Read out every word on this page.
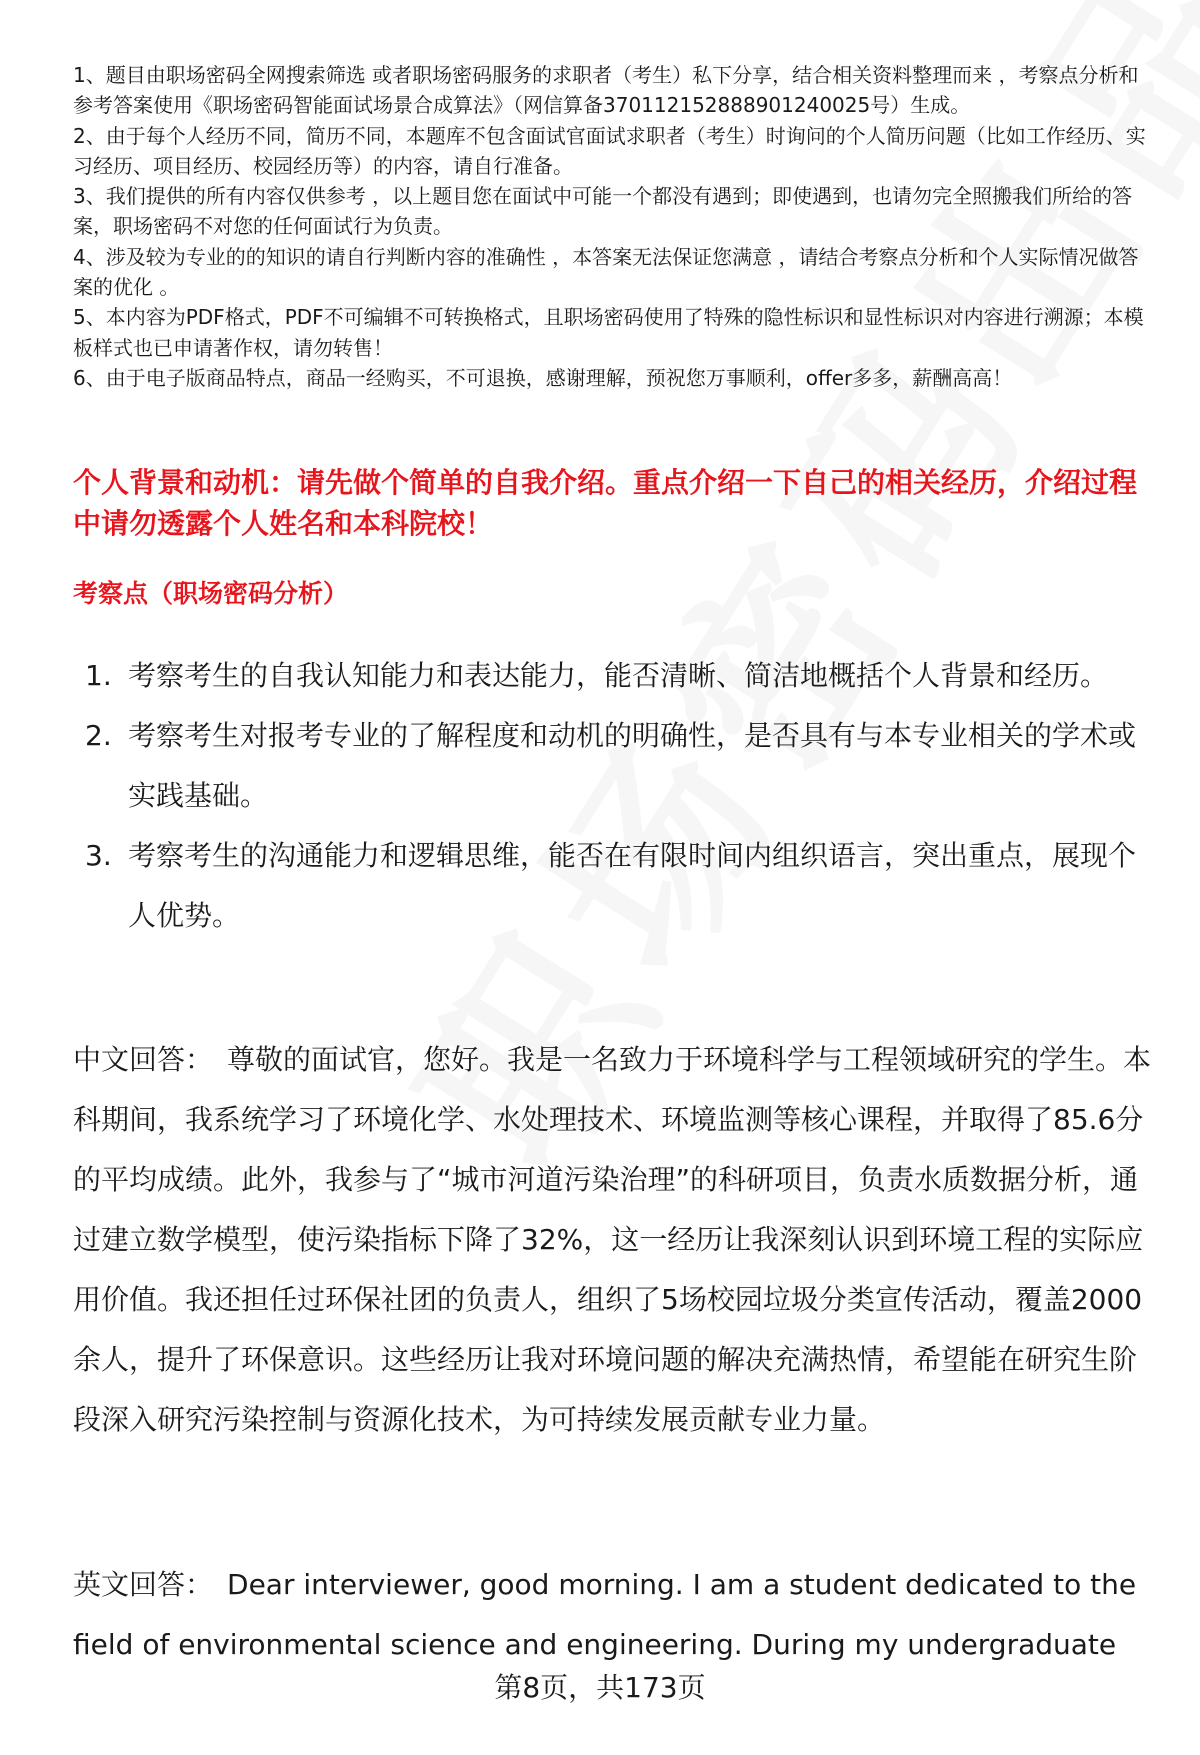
1、题目由职场密码全网搜索筛选 或者职场密码服务的求职者（考生）私下分享，结合相关资料整理而来 ，考察点分析和参考答案使用《职场密码智能面试场景合成算法》（网信算备370112152888901240025号）生成。

2、由于每个人经历不同，简历不同，本题库不包含面试官面试求职者（考生）时询问的个人简历问题（比如工作经历、实习经历、项目经历、校园经历等）的内容，请自行准备。

3、我们提供的所有内容仅供参考 ，以上题目您在面试中可能一个都没有遇到；即使遇到，也请勿完全照搬我们所给的答案，职场密码不对您的任何面试行为负责。

4、涉及较为专业的的知识的请自行判断内容的准确性 ，本答案无法保证您满意 ，请结合考察点分析和个人实际情况做答案的优化 。

5、本内容为PDF格式，PDF不可编辑不可转换格式，且职场密码使用了特殊的隐性标识和显性标识对内容进行溯源；本模板样式也已申请著作权，请勿转售！

6、由于电子版商品特点，商品一经购买，不可退换，感谢理解，预祝您万事顺利，offer多多，薪酬高高！

个人背景和动机：请先做个简单的自我介绍。重点介绍一下自己的相关经历，介绍过程中请勿透露个人姓名和本科院校！
考察点（职场密码分析）
1. 考察考生的自我认知能力和表达能力，能否清晰、简洁地概括个人背景和经历。
2. 考察考生对报考专业的了解程度和动机的明确性，是否具有与本专业相关的学术或实践基础。
3. 考察考生的沟通能力和逻辑思维，能否在有限时间内组织语言，突出重点，展现个人优势。

中文回答： 尊敬的面试官，您好。我是一名致力于环境科学与工程领域研究的学生。本科期间，我系统学习了环境化学、水处理技术、环境监测等核心课程，并取得了85.6分的平均成绩。此外，我参与了“城市河道污染治理”的科研项目，负责水质数据分析，通过建立数学模型，使污染指标下降了32%，这一经历让我深刻认识到环境工程的实际应用价值。我还担任过环保社团的负责人，组织了5场校园垃圾分类宣传活动，覆盖2000余人，提升了环保意识。这些经历让我对环境问题的解决充满热情，希望能在研究生阶段深入研究污染控制与资源化技术，为可持续发展贡献专业力量。

英文回答： Dear interviewer, good morning. I am a student dedicated to the field of environmental science and engineering. During my undergraduate

第8页，共173页
